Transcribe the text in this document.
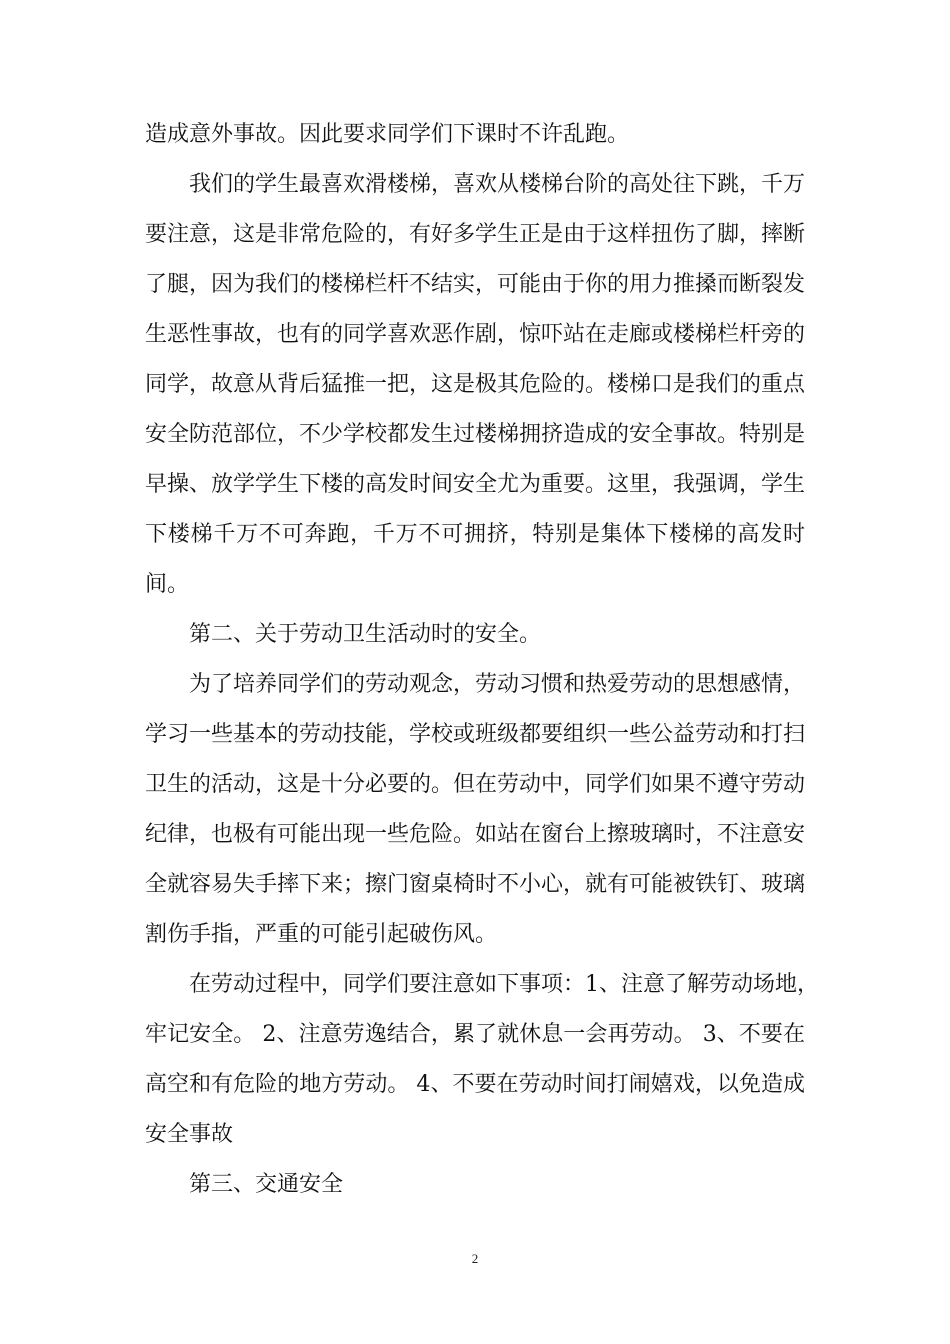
造成意外事故。因此要求同学们下课时不许乱跑。
我们的学生最喜欢滑楼梯，喜欢从楼梯台阶的高处往下跳，千万
要注意，这是非常危险的，有好多学生正是由于这样扭伤了脚，摔断
了腿，因为我们的楼梯栏杆不结实，可能由于你的用力推搡而断裂发
生恶性事故，也有的同学喜欢恶作剧，惊吓站在走廊或楼梯栏杆旁的
同学，故意从背后猛推一把，这是极其危险的。楼梯口是我们的重点
安全防范部位，不少学校都发生过楼梯拥挤造成的安全事故。特别是
早操、放学学生下楼的高发时间安全尤为重要。这里，我强调，学生
下楼梯千万不可奔跑，千万不可拥挤，特别是集体下楼梯的高发时
间。
第二、关于劳动卫生活动时的安全。
为了培养同学们的劳动观念，劳动习惯和热爱劳动的思想感情，
学习一些基本的劳动技能，学校或班级都要组织一些公益劳动和打扫
卫生的活动，这是十分必要的。但在劳动中，同学们如果不遵守劳动
纪律，也极有可能出现一些危险。如站在窗台上擦玻璃时，不注意安
全就容易失手摔下来；擦门窗桌椅时不小心，就有可能被铁钉、玻璃
割伤手指，严重的可能引起破伤风。
在劳动过程中，同学们要注意如下事项：1、注意了解劳动场地，
牢记安全。 2、注意劳逸结合，累了就休息一会再劳动。 3、不要在
高空和有危险的地方劳动。 4、不要在劳动时间打闹嬉戏，以免造成
安全事故
第三、交通安全
2
